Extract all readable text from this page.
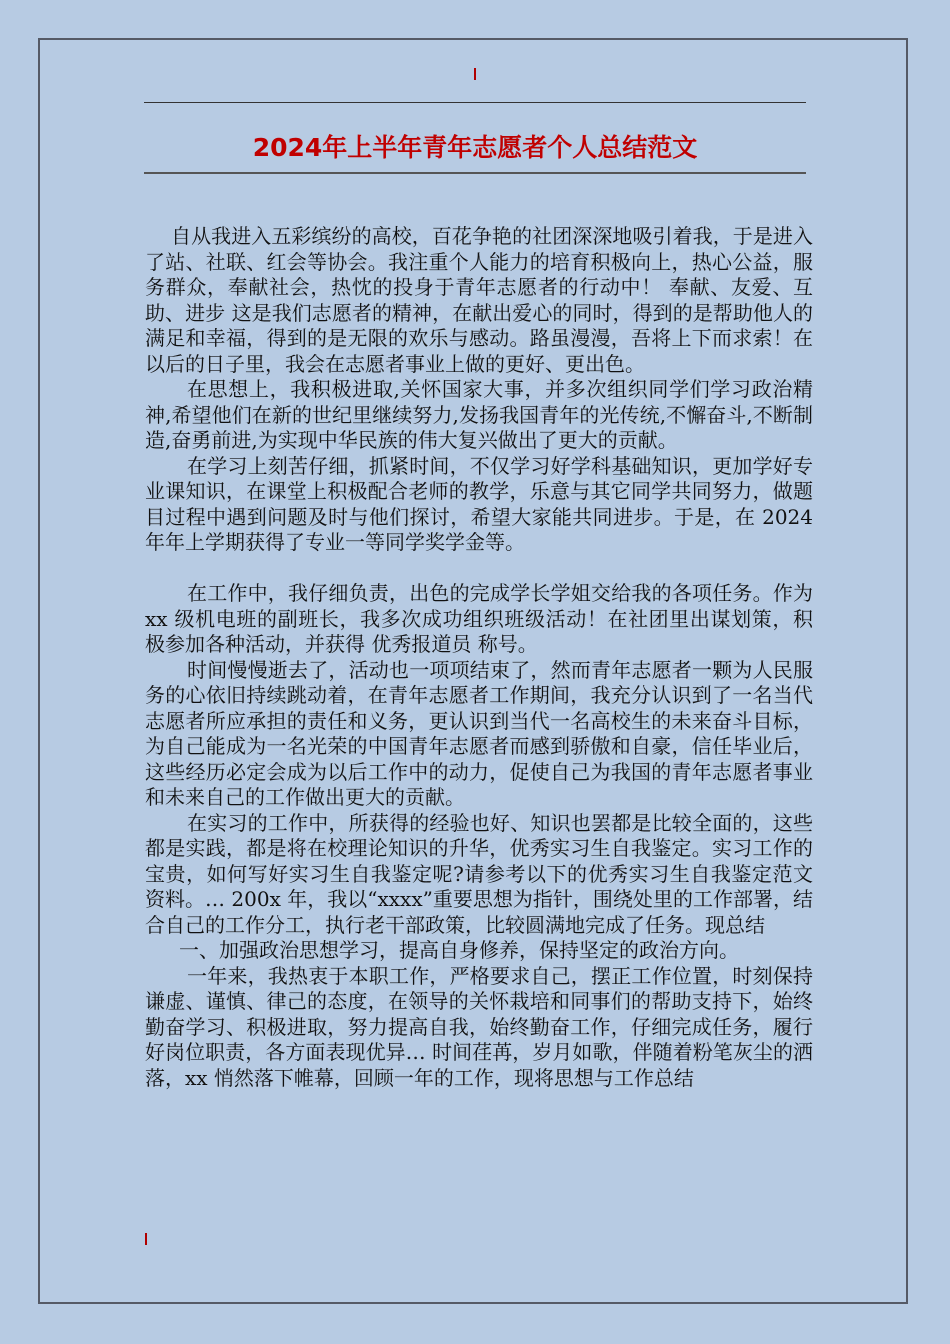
2024年上半年青年志愿者个人总结范文

自从我进入五彩缤纷的高校，百花争艳的社团深深地吸引着我，于是进入了站、社联、红会等协会。我注重个人能力的培育积极向上，热心公益，服务群众，奉献社会，热忱的投身于青年志愿者的行动中！ 奉献、友爱、互助、进步 这是我们志愿者的精神，在献出爱心的同时，得到的是帮助他人的满足和幸福，得到的是无限的欢乐与感动。路虽漫漫，吾将上下而求索！在以后的日子里，我会在志愿者事业上做的更好、更出色。

在思想上，我积极进取,关怀国家大事，并多次组织同学们学习政治精神,希望他们在新的世纪里继续努力,发扬我国青年的光传统,不懈奋斗,不断制造,奋勇前进,为实现中华民族的伟大复兴做出了更大的贡献。

在学习上刻苦仔细，抓紧时间，不仅学习好学科基础知识，更加学好专业课知识，在课堂上积极配合老师的教学，乐意与其它同学共同努力，做题目过程中遇到问题及时与他们探讨，希望大家能共同进步。于是，在 2024 年年上学期获得了专业一等同学奖学金等。

在工作中，我仔细负责，出色的完成学长学姐交给我的各项任务。作为 xx 级机电班的副班长，我多次成功组织班级活动！在社团里出谋划策，积极参加各种活动，并获得 优秀报道员 称号。

时间慢慢逝去了，活动也一项项结束了，然而青年志愿者一颗为人民服务的心依旧持续跳动着，在青年志愿者工作期间，我充分认识到了一名当代志愿者所应承担的责任和义务，更认识到当代一名高校生的未来奋斗目标，为自己能成为一名光荣的中国青年志愿者而感到骄傲和自豪，信任毕业后，这些经历必定会成为以后工作中的动力，促使自己为我国的青年志愿者事业和未来自己的工作做出更大的贡献。

在实习的工作中，所获得的经验也好、知识也罢都是比较全面的，这些都是实践，都是将在校理论知识的升华，优秀实习生自我鉴定。实习工作的宝贵，如何写好实习生自我鉴定呢?请参考以下的优秀实习生自我鉴定范文资料。… 200x 年，我以“xxxx”重要思想为指针，围绕处里的工作部署，结合自己的工作分工，执行老干部政策，比较圆满地完成了任务。现总结

一、加强政治思想学习，提高自身修养，保持坚定的政治方向。

一年来，我热衷于本职工作，严格要求自己，摆正工作位置，时刻保持谦虚、谨慎、律己的态度，在领导的关怀栽培和同事们的帮助支持下，始终勤奋学习、积极进取，努力提高自我，始终勤奋工作，仔细完成任务，履行好岗位职责，各方面表现优异… 时间荏苒，岁月如歌，伴随着粉笔灰尘的洒落，xx 悄然落下帷幕，回顾一年的工作，现将思想与工作总结
